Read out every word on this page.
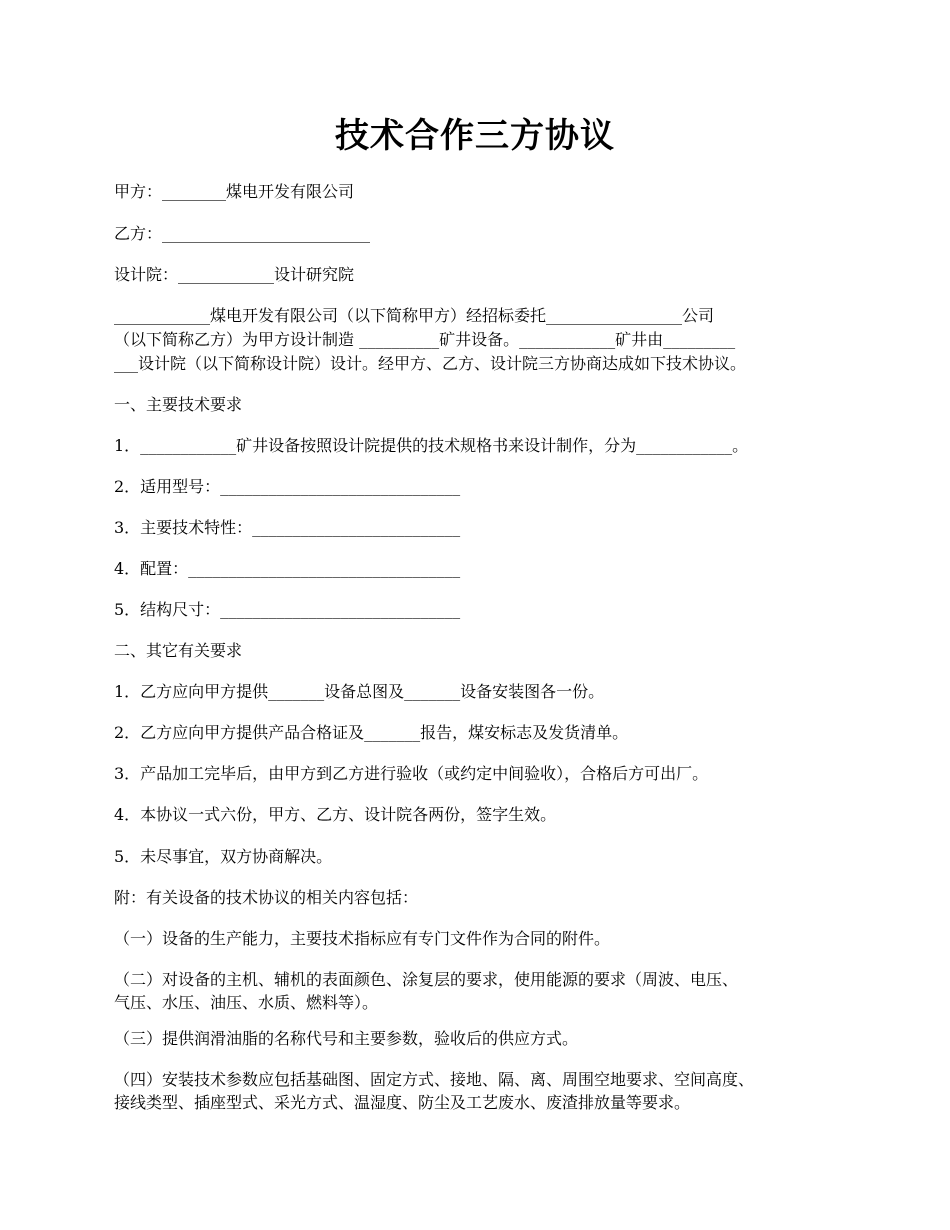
技术合作三方协议
甲方：________煤电开发有限公司
乙方：__________________________
设计院：____________设计研究院
____________煤电开发有限公司（以下简称甲方）经招标委托_________________公司
（以下简称乙方）为甲方设计制造 __________矿井设备。____________矿井由_________
___设计院（以下简称设计院）设计。经甲方、乙方、设计院三方协商达成如下技术协议。
一、主要技术要求
1．____________矿井设备按照设计院提供的技术规格书来设计制作，分为____________。
2．适用型号：______________________________
3．主要技术特性：__________________________
4．配置：__________________________________
5．结构尺寸：______________________________
二、其它有关要求
1．乙方应向甲方提供_______设备总图及_______设备安装图各一份。
2．乙方应向甲方提供产品合格证及_______报告，煤安标志及发货清单。
3．产品加工完毕后，由甲方到乙方进行验收（或约定中间验收），合格后方可出厂。
4．本协议一式六份，甲方、乙方、设计院各两份，签字生效。
5．未尽事宜，双方协商解决。
附：有关设备的技术协议的相关内容包括：
（一）设备的生产能力，主要技术指标应有专门文件作为合同的附件。
（二）对设备的主机、辅机的表面颜色、涂复层的要求，使用能源的要求（周波、电压、
气压、水压、油压、水质、燃料等）。
（三）提供润滑油脂的名称代号和主要参数，验收后的供应方式。
（四）安装技术参数应包括基础图、固定方式、接地、隔、离、周围空地要求、空间高度、
接线类型、插座型式、采光方式、温湿度、防尘及工艺废水、废渣排放量等要求。
